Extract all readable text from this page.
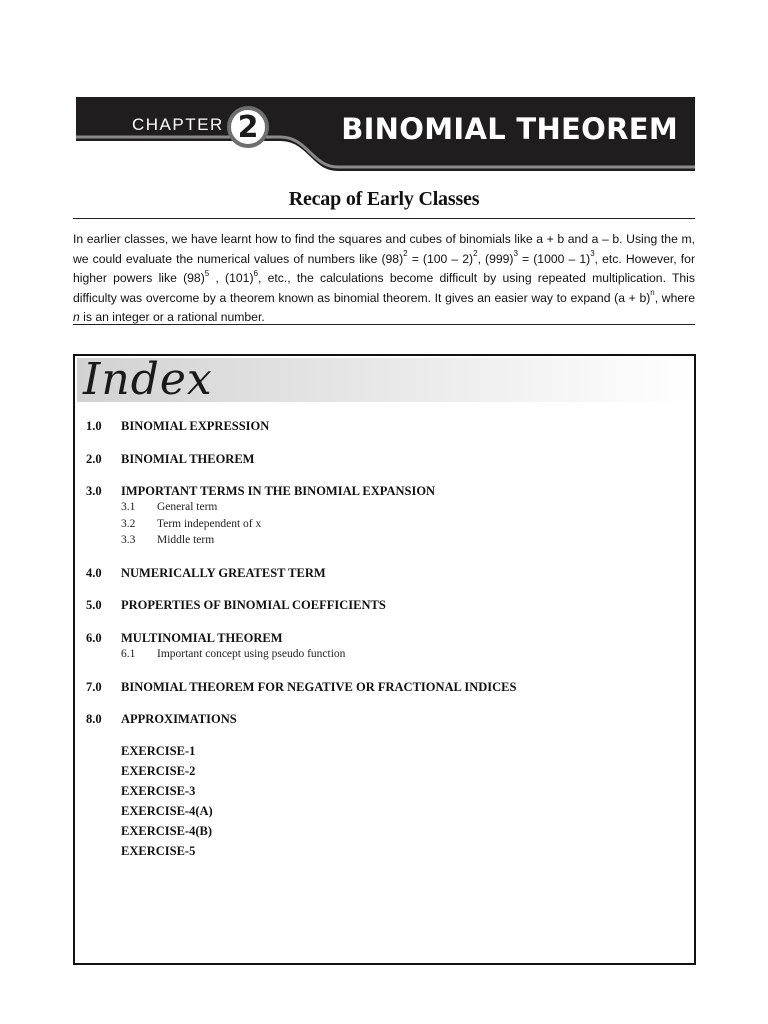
CHAPTER 2	BINOMIAL THEOREM
Recap of Early Classes

In earlier classes, we have learnt how to find the squares and cubes of binomials like a + b and a – b. Using the m, we could evaluate the numerical values of numbers like $(98)^2 = (100 - 2)^2$, $(999)^3 = (1000 - 1)^3$, etc. However, for higher powers like $(98)^5$ , $(101)^6$, etc., the calculations become difficult by using repeated multiplication. This difficulty was overcome by a theorem known as binomial theorem. It gives an easier way to expand $(a + b)^n$, where n is an integer or a rational number.

Index
1.0 BINOMIAL EXPRESSION
2.0 BINOMIAL THEOREM
3.0 IMPORTANT TERMS IN THE BINOMIAL EXPANSION
3.1 General term
3.2 Term independent of x
3.3 Middle term
4.0 NUMERICALLY GREATEST TERM
5.0 PROPERTIES OF BINOMIAL COEFFICIENTS
6.0 MULTINOMIAL THEOREM
6.1 Important concept using pseudo function
7.0 BINOMIAL THEOREM FOR NEGATIVE OR FRACTIONAL INDICES
8.0 APPROXIMATIONS
EXERCISE-1
EXERCISE-2
EXERCISE-3
EXERCISE-4(A)
EXERCISE-4(B)
EXERCISE-5
